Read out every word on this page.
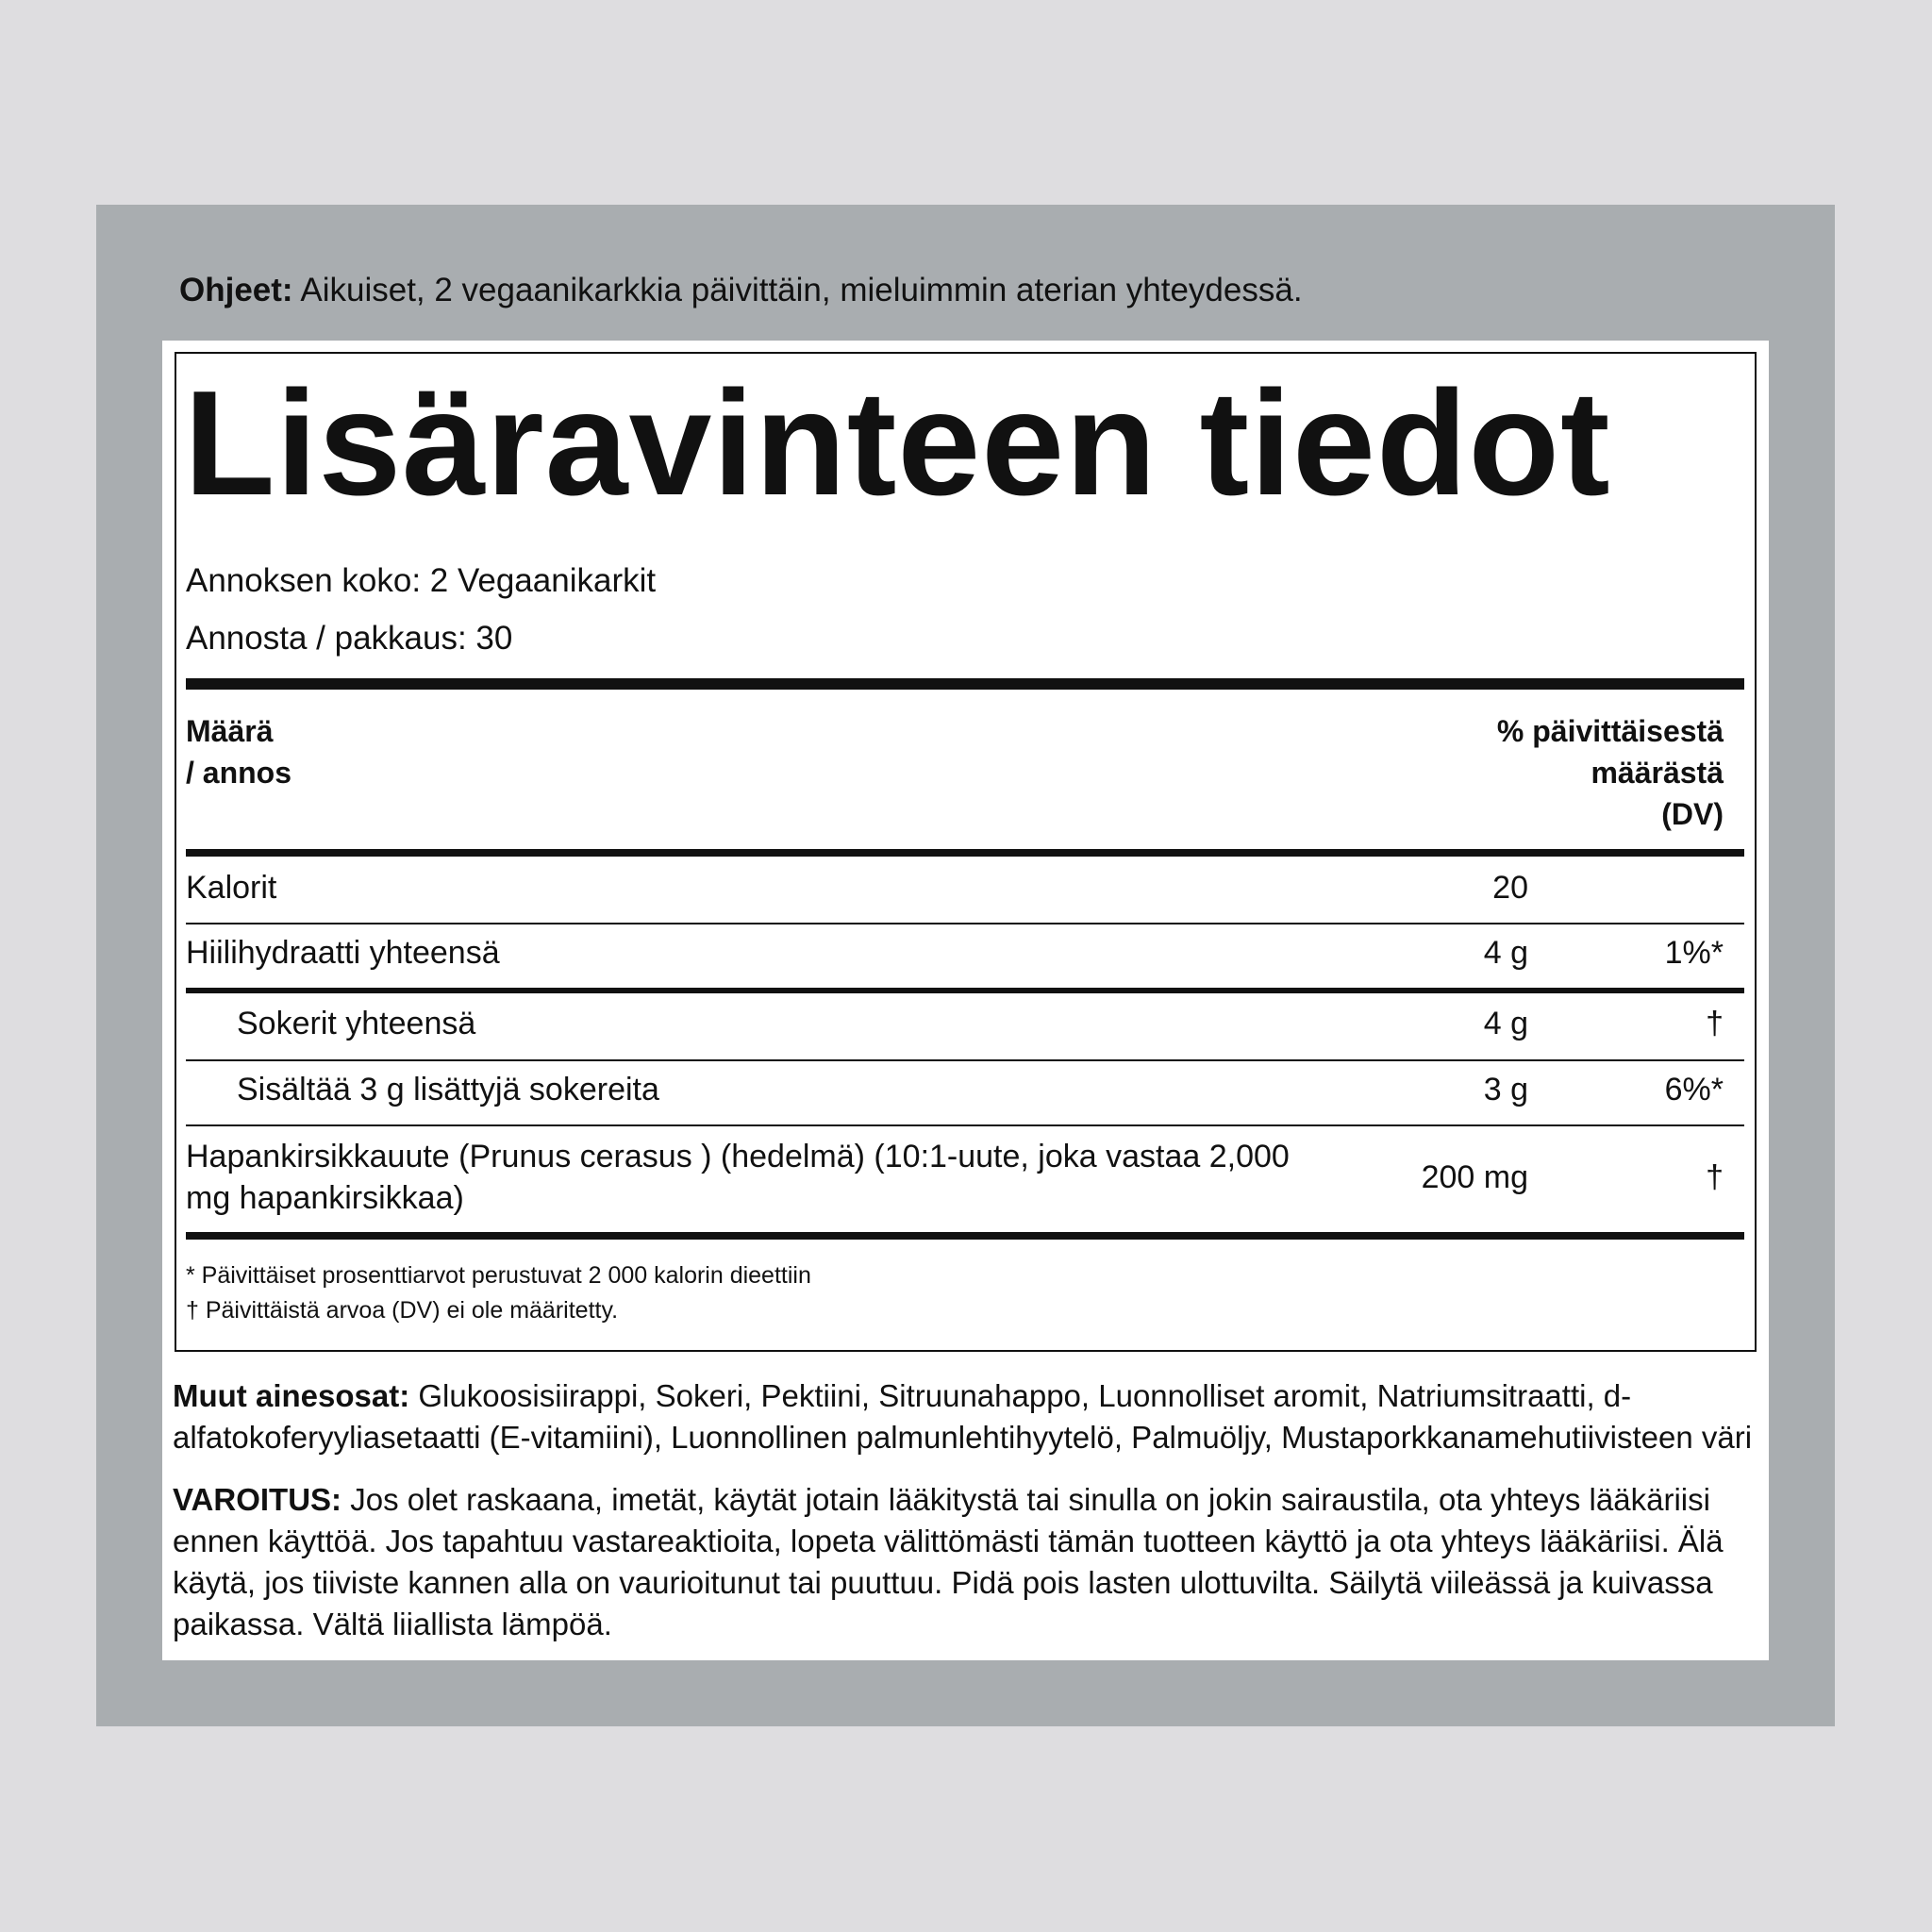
Ohjeet: Aikuiset, 2 vegaanikarkkia päivittäin, mieluimmin aterian yhteydessä.
Lisäravinteen tiedot
Annoksen koko: 2 Vegaanikarkit
Annosta / pakkaus: 30
Määrä
/ annos
% päivittäisestä
määrästä
(DV)
Kalorit	20
Hiilihydraatti yhteensä	4 g	1%*
Sokerit yhteensä	4 g	†
Sisältää 3 g lisättyjä sokereita	3 g	6%*
Hapankirsikkauute (Prunus cerasus ) (hedelmä) (10:1-uute, joka vastaa 2,000
mg hapankirsikkaa)
200 mg	†
* Päivittäiset prosenttiarvot perustuvat 2 000 kalorin dieettiin
† Päivittäistä arvoa (DV) ei ole määritetty.
Muut ainesosat: Glukoosisiirappi, Sokeri, Pektiini, Sitruunahappo, Luonnolliset aromit, Natriumsitraatti, d-alfatokoferyyliasetaatti (E-vitamiini), Luonnollinen palmunlehtihyytelö, Palmuöljy, Mustaporkkanamehutiivisteen väri
VAROITUS: Jos olet raskaana, imetät, käytät jotain lääkitystä tai sinulla on jokin sairaustila, ota yhteys lääkäriisi ennen käyttöä. Jos tapahtuu vastareaktioita, lopeta välittömästi tämän tuotteen käyttö ja ota yhteys lääkäriisi. Älä käytä, jos tiiviste kannen alla on vaurioitunut tai puuttuu. Pidä pois lasten ulottuvilta. Säilytä viileässä ja kuivassa paikassa. Vältä liiallista lämpöä.
